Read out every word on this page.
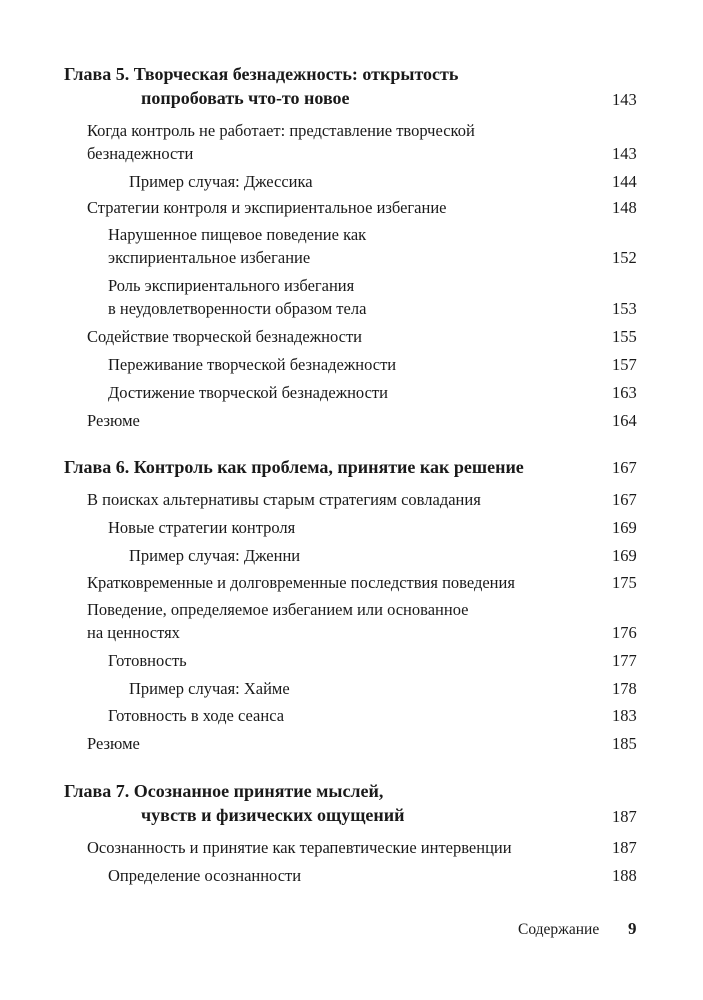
Глава 5. Творческая безнадежность: открытость
попробовать что-то новое	143
Когда контроль не работает: представление творческой
безнадежности	143
Пример случая: Джессика	144
Стратегии контроля и экспириентальное избегание	148
Нарушенное пищевое поведение как
экспириентальное избегание	152
Роль экспириентального избегания
в неудовлетворенности образом тела	153
Содействие творческой безнадежности	155
Переживание творческой безнадежности	157
Достижение творческой безнадежности	163
Резюме	164
Глава 6. Контроль как проблема, принятие как решение	167
В поисках альтернативы старым стратегиям совладания	167
Новые стратегии контроля	169
Пример случая: Дженни	169
Кратковременные и долговременные последствия поведения	175
Поведение, определяемое избеганием или основанное
на ценностях	176
Готовность	177
Пример случая: Хайме	178
Готовность в ходе сеанса	183
Резюме	185
Глава 7. Осознанное принятие мыслей,
чувств и физических ощущений	187
Осознанность и принятие как терапевтические интервенции	187
Определение осознанности	188
Содержание 9
